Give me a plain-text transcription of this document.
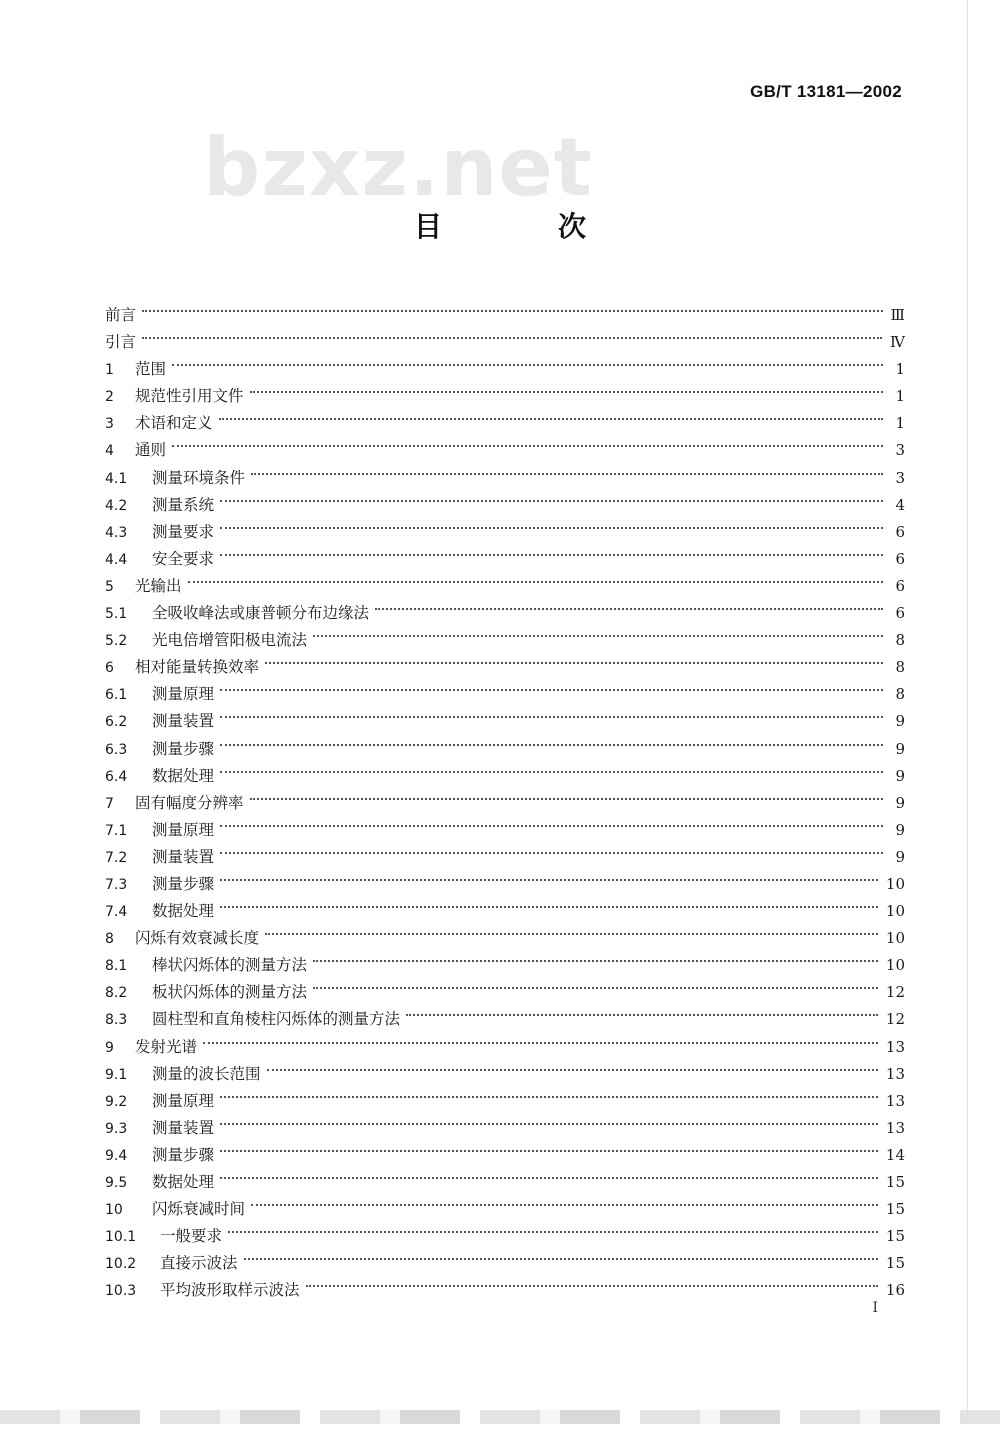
GB/T 13181—2002
bzxz.net
目　次
前言	Ⅲ
引言	Ⅳ
1	范围	1
2	规范性引用文件	1
3	术语和定义	1
4	通则	3
4.1	测量环境条件	3
4.2	测量系统	4
4.3	测量要求	6
4.4	安全要求	6
5	光输出	6
5.1	全吸收峰法或康普顿分布边缘法	6
5.2	光电倍增管阳极电流法	8
6	相对能量转换效率	8
6.1	测量原理	8
6.2	测量装置	9
6.3	测量步骤	9
6.4	数据处理	9
7	固有幅度分辨率	9
7.1	测量原理	9
7.2	测量装置	9
7.3	测量步骤	10
7.4	数据处理	10
8	闪烁有效衰减长度	10
8.1	棒状闪烁体的测量方法	10
8.2	板状闪烁体的测量方法	12
8.3	圆柱型和直角棱柱闪烁体的测量方法	12
9	发射光谱	13
9.1	测量的波长范围	13
9.2	测量原理	13
9.3	测量装置	13
9.4	测量步骤	14
9.5	数据处理	15
10	闪烁衰减时间	15
10.1	一般要求	15
10.2	直接示波法	15
10.3	平均波形取样示波法	16
I
